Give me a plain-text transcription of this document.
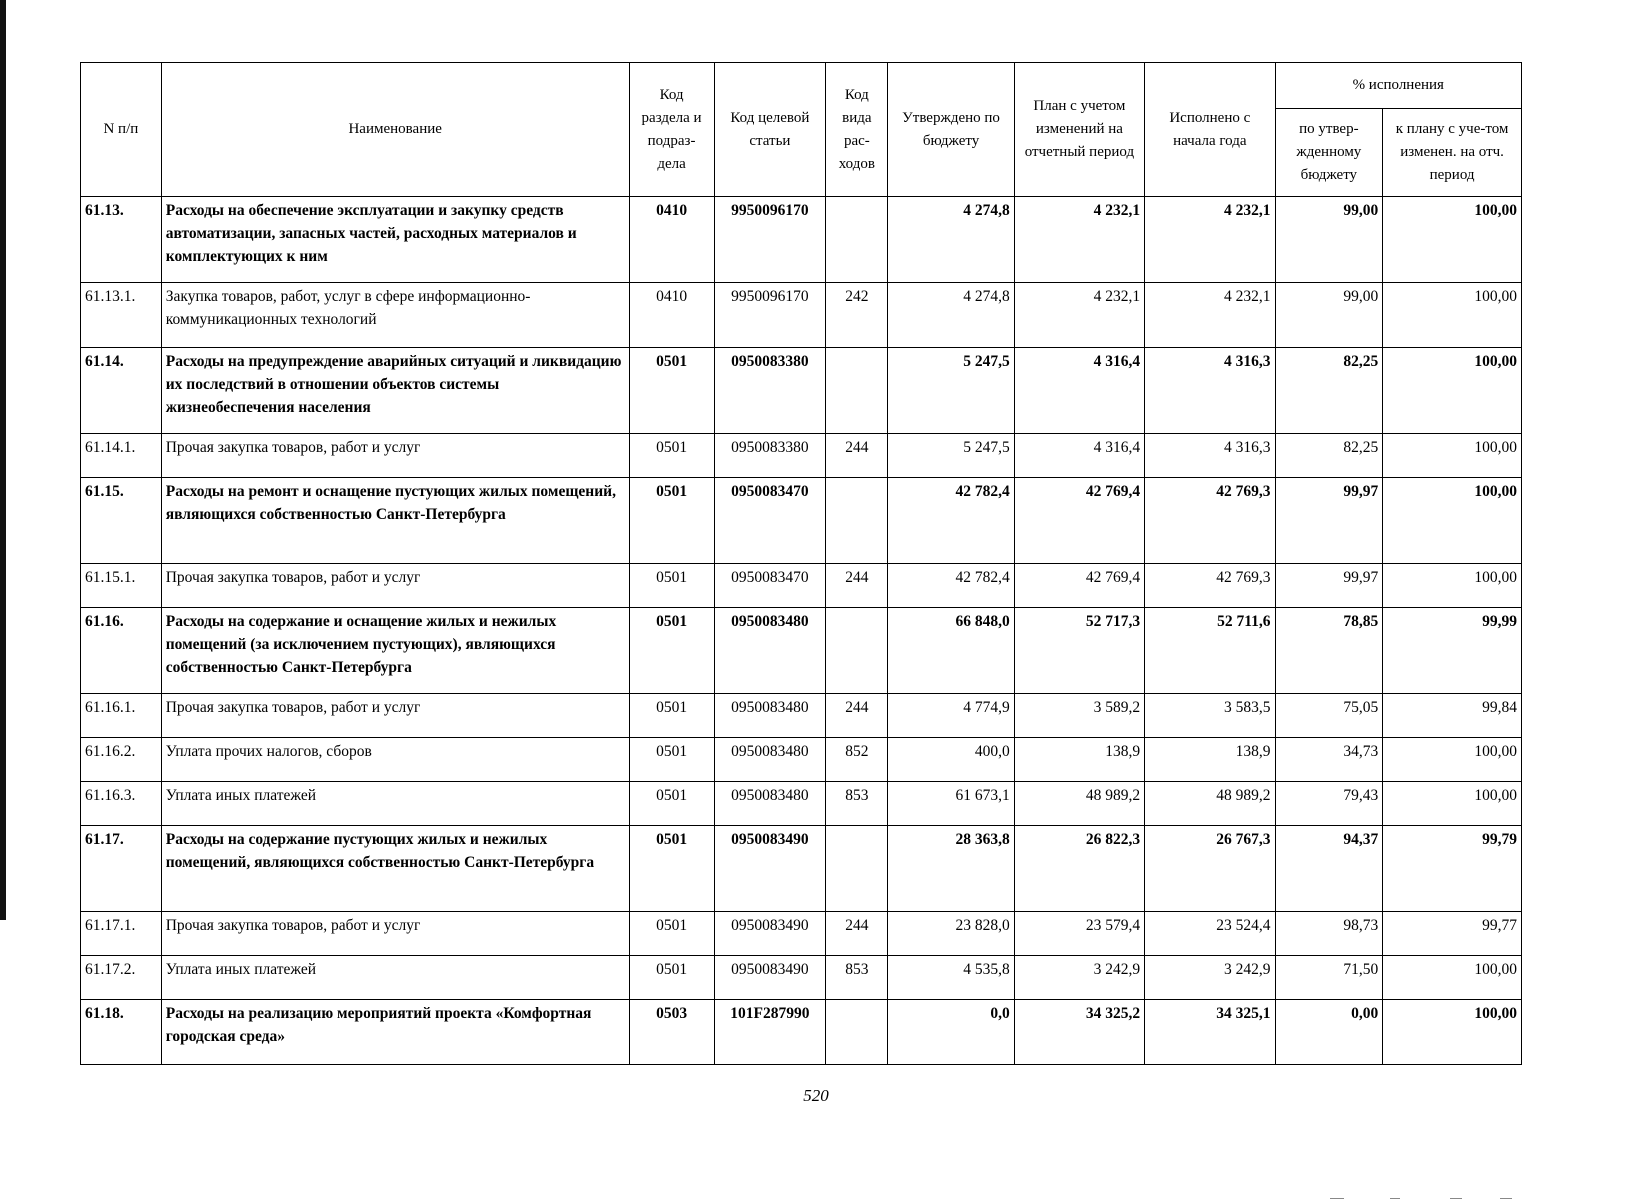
N п/п	Наименование	Код раздела и подраз-дела	Код целевой статьи	Код вида рас-ходов	Утверждено по бюджету	План с учетом изменений на отчетный период	Исполнено с начала года	% исполнения	
								по утвер-жденному бюджету	к плану с уче-том изменен. на отч. период
61.13.	Расходы на обеспечение эксплуатации и закупку средств автоматизации, запасных частей, расходных материалов и комплектующих к ним	0410	9950096170		4 274,8	4 232,1	4 232,1	99,00	100,00
61.13.1.	Закупка товаров, работ, услуг в сфере информационно-коммуникационных технологий	0410	9950096170	242	4 274,8	4 232,1	4 232,1	99,00	100,00
61.14.	Расходы на предупреждение аварийных ситуаций и ликвидацию их последствий в отношении объектов системы жизнеобеспечения населения	0501	0950083380		5 247,5	4 316,4	4 316,3	82,25	100,00
61.14.1.	Прочая закупка товаров, работ и услуг	0501	0950083380	244	5 247,5	4 316,4	4 316,3	82,25	100,00
61.15.	Расходы на ремонт и оснащение пустующих жилых помещений, являющихся собственностью Санкт-Петербурга	0501	0950083470		42 782,4	42 769,4	42 769,3	99,97	100,00
61.15.1.	Прочая закупка товаров, работ и услуг	0501	0950083470	244	42 782,4	42 769,4	42 769,3	99,97	100,00
61.16.	Расходы на содержание и оснащение жилых и нежилых помещений (за исключением пустующих), являющихся собственностью Санкт-Петербурга	0501	0950083480		66 848,0	52 717,3	52 711,6	78,85	99,99
61.16.1.	Прочая закупка товаров, работ и услуг	0501	0950083480	244	4 774,9	3 589,2	3 583,5	75,05	99,84
61.16.2.	Уплата прочих налогов, сборов	0501	0950083480	852	400,0	138,9	138,9	34,73	100,00
61.16.3.	Уплата иных платежей	0501	0950083480	853	61 673,1	48 989,2	48 989,2	79,43	100,00
61.17.	Расходы на содержание пустующих жилых и нежилых помещений, являющихся собственностью Санкт-Петербурга	0501	0950083490		28 363,8	26 822,3	26 767,3	94,37	99,79
61.17.1.	Прочая закупка товаров, работ и услуг	0501	0950083490	244	23 828,0	23 579,4	23 524,4	98,73	99,77
61.17.2.	Уплата иных платежей	0501	0950083490	853	4 535,8	3 242,9	3 242,9	71,50	100,00
61.18.	Расходы на реализацию мероприятий проекта «Комфортная городская среда»	0503	101F287990		0,0	34 325,2	34 325,1	0,00	100,00
520
